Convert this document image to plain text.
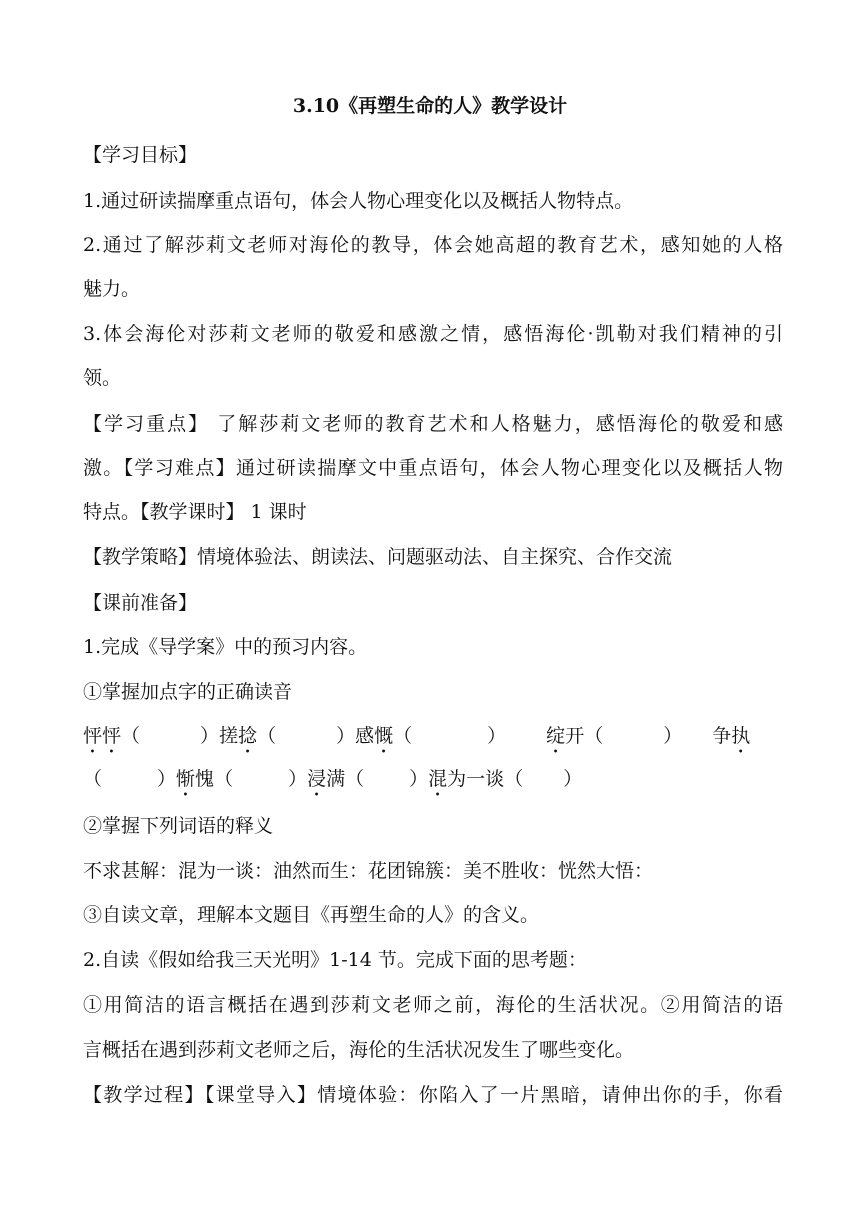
3.10《再塑生命的人》教学设计
【学习目标】
1.通过研读揣摩重点语句，体会人物心理变化以及概括人物特点。
2.通过了解莎莉文老师对海伦的教导，体会她高超的教育艺术，感知她的人格
魅力。
3.体会海伦对莎莉文老师的敬爱和感激之情，感悟海伦·凯勒对我们精神的引
领。
【学习重点】 了解莎莉文老师的教育艺术和人格魅力，感悟海伦的敬爱和感
激。【学习难点】通过研读揣摩文中重点语句，体会人物心理变化以及概括人物
特点。【教学课时】 1 课时
【教学策略】情境体验法、朗读法、问题驱动法、自主探究、合作交流
【课前准备】
1.完成《导学案》中的预习内容。
①掌握加点字的正确读音
怦怦（	）搓捻（	）感慨（	） 绽开（	） 争执
（	）惭愧（	）浸满（ ）混为一谈（ ）
②掌握下列词语的释义
不求甚解：混为一谈：油然而生：花团锦簇：美不胜收：恍然大悟：
③自读文章，理解本文题目《再塑生命的人》的含义。
2.自读《假如给我三天光明》1-14 节。完成下面的思考题：
①用简洁的语言概括在遇到莎莉文老师之前，海伦的生活状况。②用简洁的语
言概括在遇到莎莉文老师之后，海伦的生活状况发生了哪些变化。
【教学过程】【课堂导入】情境体验：你陷入了一片黑暗，请伸出你的手，你看
